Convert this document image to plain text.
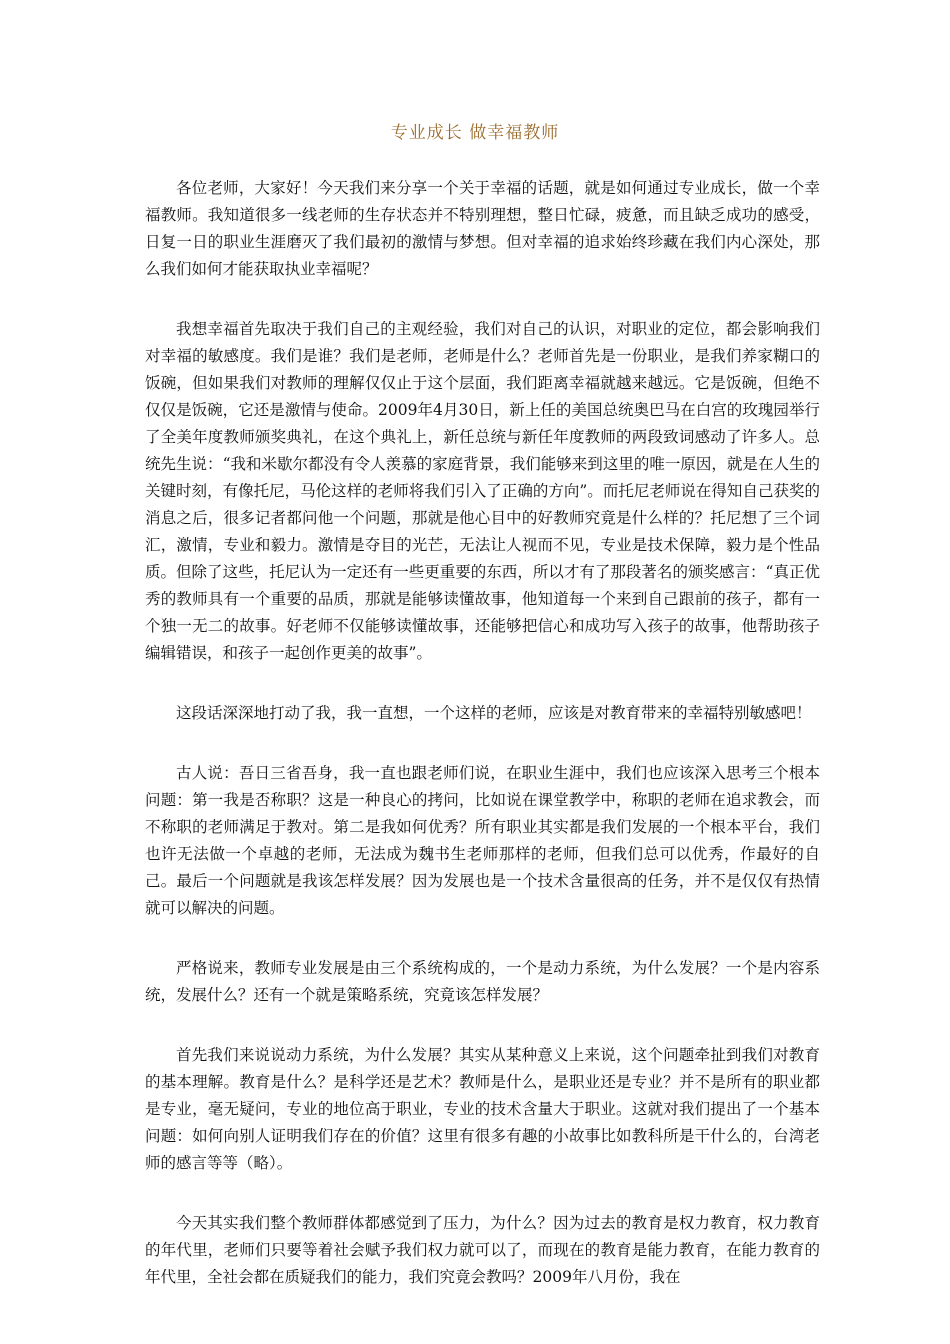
专业成长 做幸福教师

各位老师，大家好！今天我们来分享一个关于幸福的话题，就是如何通过专业成长，做一个幸福教师。我知道很多一线老师的生存状态并不特别理想，整日忙碌，疲惫，而且缺乏成功的感受，日复一日的职业生涯磨灭了我们最初的激情与梦想。但对幸福的追求始终珍藏在我们内心深处，那么我们如何才能获取执业幸福呢？

我想幸福首先取决于我们自己的主观经验，我们对自己的认识，对职业的定位，都会影响我们对幸福的敏感度。我们是谁？我们是老师，老师是什么？老师首先是一份职业，是我们养家糊口的饭碗，但如果我们对教师的理解仅仅止于这个层面，我们距离幸福就越来越远。它是饭碗，但绝不仅仅是饭碗，它还是激情与使命。2009年4月30日，新上任的美国总统奥巴马在白宫的玫瑰园举行了全美年度教师颁奖典礼，在这个典礼上，新任总统与新任年度教师的两段致词感动了许多人。总统先生说：“我和米歇尔都没有令人羡慕的家庭背景，我们能够来到这里的唯一原因，就是在人生的关键时刻，有像托尼，马伦这样的老师将我们引入了正确的方向”。而托尼老师说在得知自己获奖的消息之后，很多记者都问他一个问题，那就是他心目中的好教师究竟是什么样的？托尼想了三个词汇，激情，专业和毅力。激情是夺目的光芒，无法让人视而不见，专业是技术保障，毅力是个性品质。但除了这些，托尼认为一定还有一些更重要的东西，所以才有了那段著名的颁奖感言：“真正优秀的教师具有一个重要的品质，那就是能够读懂故事，他知道每一个来到自己跟前的孩子，都有一个独一无二的故事。好老师不仅能够读懂故事，还能够把信心和成功写入孩子的故事，他帮助孩子编辑错误，和孩子一起创作更美的故事”。

这段话深深地打动了我，我一直想，一个这样的老师，应该是对教育带来的幸福特别敏感吧！

古人说：吾日三省吾身，我一直也跟老师们说，在职业生涯中，我们也应该深入思考三个根本问题：第一我是否称职？这是一种良心的拷问，比如说在课堂教学中，称职的老师在追求教会，而不称职的老师满足于教对。第二是我如何优秀？所有职业其实都是我们发展的一个根本平台，我们也许无法做一个卓越的老师，无法成为魏书生老师那样的老师，但我们总可以优秀，作最好的自己。最后一个问题就是我该怎样发展？因为发展也是一个技术含量很高的任务，并不是仅仅有热情就可以解决的问题。

严格说来，教师专业发展是由三个系统构成的，一个是动力系统，为什么发展？一个是内容系统，发展什么？还有一个就是策略系统，究竟该怎样发展？

首先我们来说说动力系统，为什么发展？其实从某种意义上来说，这个问题牵扯到我们对教育的基本理解。教育是什么？是科学还是艺术？教师是什么，是职业还是专业？并不是所有的职业都是专业，毫无疑问，专业的地位高于职业，专业的技术含量大于职业。这就对我们提出了一个基本问题：如何向别人证明我们存在的价值？这里有很多有趣的小故事比如教科所是干什么的，台湾老师的感言等等（略）。

今天其实我们整个教师群体都感觉到了压力，为什么？因为过去的教育是权力教育，权力教育的年代里，老师们只要等着社会赋予我们权力就可以了，而现在的教育是能力教育，在能力教育的年代里，全社会都在质疑我们的能力，我们究竟会教吗？2009年八月份，我在
